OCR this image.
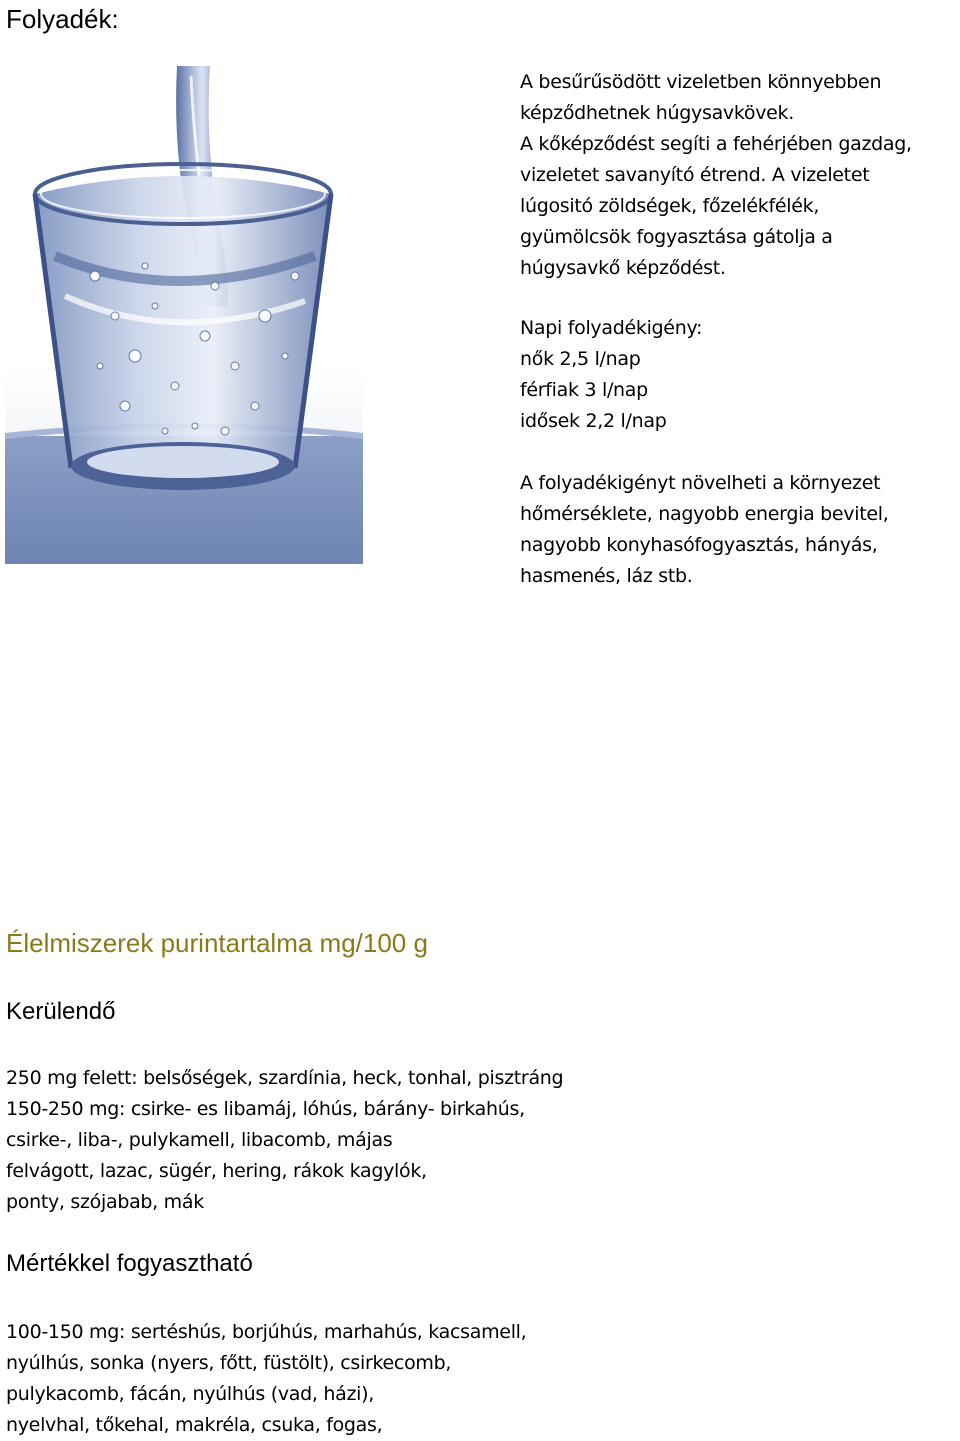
Folyadék:

A besűrűsödött vizeletben könnyebben

képződhetnek húgysavkövek.

A kőképződést segíti a fehérjében gazdag,

vizeletet savanyító étrend. A vizeletet

lúgositó zöldségek, főzelékfélék,

gyümölcsök fogyasztása gátolja a

húgysavkő képződést.

Napi folyadékigény:

nők 2,5 l/nap

férfiak 3 l/nap

idősek 2,2 l/nap

A folyadékigényt növelheti a környezet

hőmérséklete, nagyobb energia bevitel,

nagyobb konyhasófogyasztás, hányás,

hasmenés, láz stb.

Élelmiszerek purintartalma mg/100 g
Kerülendő

250 mg felett: belsőségek, szardínia, heck, tonhal, pisztráng

150-250 mg: csirke- es libamáj, lóhús, bárány- birkahús,

csirke-, liba-, pulykamell, libacomb, májas

felvágott, lazac, sügér, hering, rákok kagylók,

ponty, szójabab, mák

Mértékkel fogyasztható

100-150 mg: sertéshús, borjúhús, marhahús, kacsamell,

nyúlhús, sonka (nyers, főtt, füstölt), csirkecomb,

pulykacomb, fácán, nyúlhús (vad, házi),

nyelvhal, tőkehal, makréla, csuka, fogas,
